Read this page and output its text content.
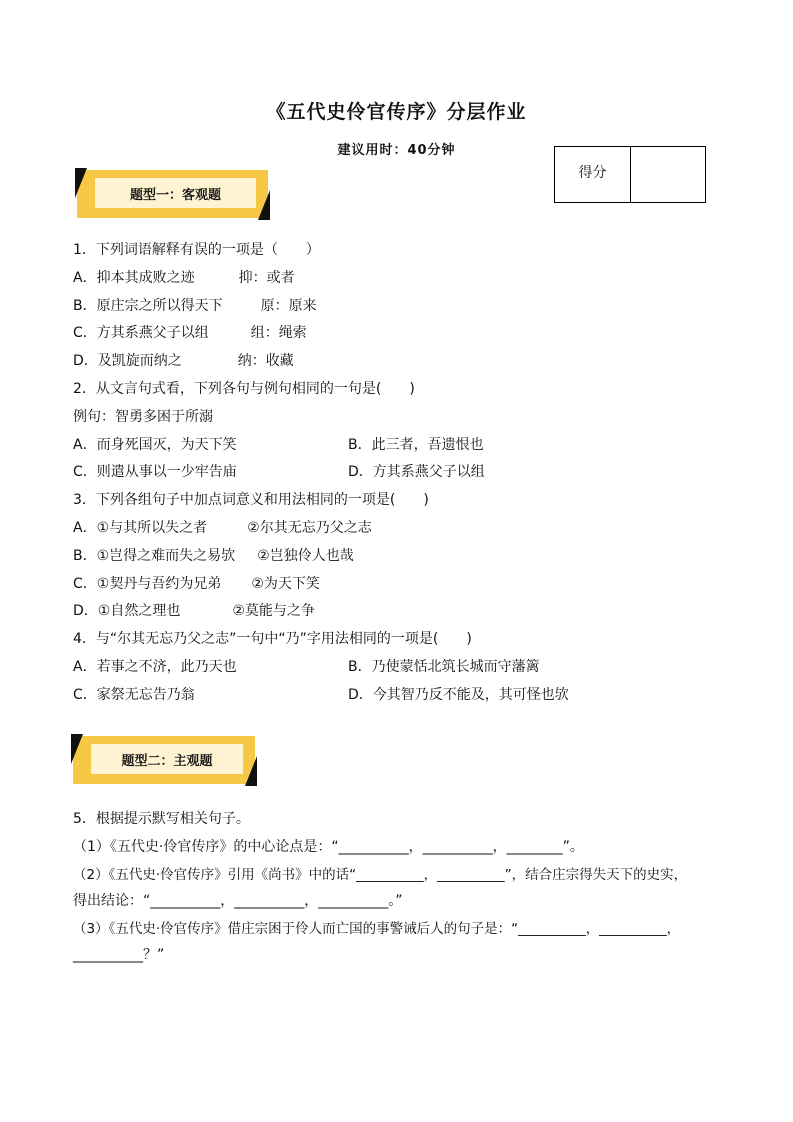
《五代史伶官传序》分层作业
建议用时：40分钟
得分
题型一：客观题
1．下列词语解释有误的一项是（　　）
A．抑本其成败之迹	抑：或者
B．原庄宗之所以得天下	原：原来
C．方其系燕父子以组	组：绳索
D．及凯旋而纳之	纳：收藏
2．从文言句式看，下列各句与例句相同的一句是(　　)
例句：智勇多困于所溺
A．而身死国灭，为天下笑	B．此三者，吾遗恨也
C．则遣从事以一少牢告庙	D．方其系燕父子以组
3．下列各组句子中加点词意义和用法相同的一项是(　　)
A．①与其所以失之者	②尔其无忘乃父之志
B．①岂得之难而失之易欤 ②岂独伶人也哉
C．①契丹与吾约为兄弟 ②为天下笑
D．①自然之理也	②莫能与之争
4．与“尔其无忘乃父之志”一句中“乃”字用法相同的一项是(　　)
A．若事之不济，此乃天也	B．乃使蒙恬北筑长城而守藩篱
C．家祭无忘告乃翁	D．今其智乃反不能及，其可怪也欤
题型二：主观题
5．根据提示默写相关句子。
（1）《五代史·伶官传序》的中心论点是：“__________，__________，________”。
（2）《五代史·伶官传序》引用《尚书》中的话“__________，__________”，结合庄宗得失天下的史实，
得出结论：“__________，__________，__________。”
（3）《五代史·伶官传序》借庄宗困于伶人而亡国的事警诫后人的句子是：“__________，__________，
__________？”
